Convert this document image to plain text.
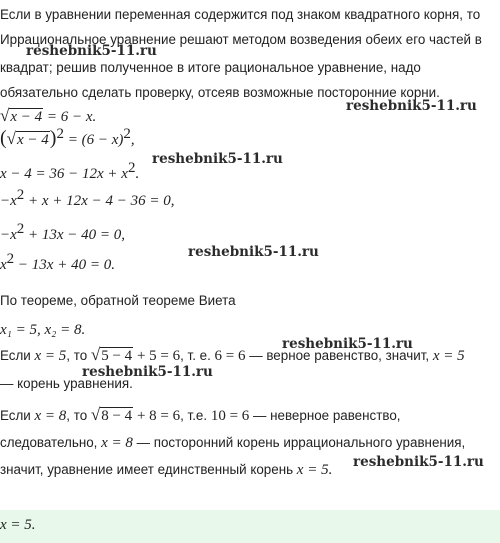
Если в уравнении переменная содержится под знаком квадратного корня, то
Иррациональное уравнение решают методом возведения обеих его частей в
квадрат; решив полученное в итоге рациональное уравнение, надо
обязательно сделать проверку, отсеяв возможные посторонние корни.
√x − 4 = 6 − x.
$(√x - 4)^2 = (6 - x)^2$,
$x - 4 = 36 - 12x + x^2$.
$-x^2 + x + 12x - 4 - 36 = 0$,
$-x^2 + 13x - 40 = 0$,
$x^2 - 13x + 40 = 0$.
По теореме, обратной теореме Виета
x₁ = 5, x₂ = 8.
Если x = 5, то √5 − 4 + 5 = 6, т. е. 6 = 6 — верное равенство, значит, x = 5
— корень уравнения.
Если x = 8, то √8 − 4 + 8 = 6, т.е. 10 = 6 — неверное равенство,
следовательно, x = 8 — посторонний корень иррационального уравнения,
значит, уравнение имеет единственный корень x = 5.
x = 5.
reshebnik5-11.ru
reshebnik5-11.ru
reshebnik5-11.ru
reshebnik5-11.ru
reshebnik5-11.ru
reshebnik5-11.ru
reshebnik5-11.ru
